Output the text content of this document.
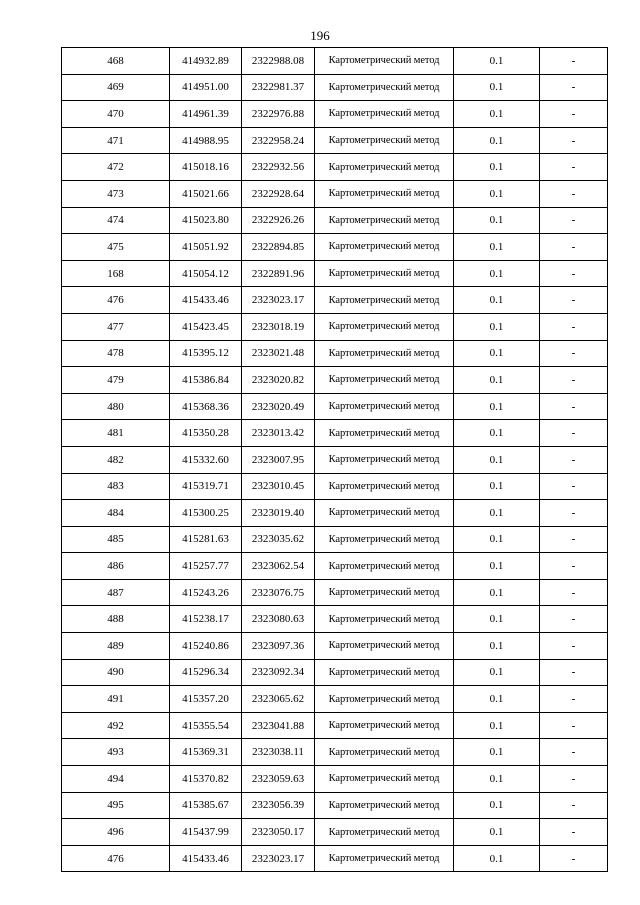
196
468	414932.89	2322988.08	Картометрический метод	0.1	-
469	414951.00	2322981.37	Картометрический метод	0.1	-
470	414961.39	2322976.88	Картометрический метод	0.1	-
471	414988.95	2322958.24	Картометрический метод	0.1	-
472	415018.16	2322932.56	Картометрический метод	0.1	-
473	415021.66	2322928.64	Картометрический метод	0.1	-
474	415023.80	2322926.26	Картометрический метод	0.1	-
475	415051.92	2322894.85	Картометрический метод	0.1	-
168	415054.12	2322891.96	Картометрический метод	0.1	-
476	415433.46	2323023.17	Картометрический метод	0.1	-
477	415423.45	2323018.19	Картометрический метод	0.1	-
478	415395.12	2323021.48	Картометрический метод	0.1	-
479	415386.84	2323020.82	Картометрический метод	0.1	-
480	415368.36	2323020.49	Картометрический метод	0.1	-
481	415350.28	2323013.42	Картометрический метод	0.1	-
482	415332.60	2323007.95	Картометрический метод	0.1	-
483	415319.71	2323010.45	Картометрический метод	0.1	-
484	415300.25	2323019.40	Картометрический метод	0.1	-
485	415281.63	2323035.62	Картометрический метод	0.1	-
486	415257.77	2323062.54	Картометрический метод	0.1	-
487	415243.26	2323076.75	Картометрический метод	0.1	-
488	415238.17	2323080.63	Картометрический метод	0.1	-
489	415240.86	2323097.36	Картометрический метод	0.1	-
490	415296.34	2323092.34	Картометрический метод	0.1	-
491	415357.20	2323065.62	Картометрический метод	0.1	-
492	415355.54	2323041.88	Картометрический метод	0.1	-
493	415369.31	2323038.11	Картометрический метод	0.1	-
494	415370.82	2323059.63	Картометрический метод	0.1	-
495	415385.67	2323056.39	Картометрический метод	0.1	-
496	415437.99	2323050.17	Картометрический метод	0.1	-
476	415433.46	2323023.17	Картометрический метод	0.1	-
